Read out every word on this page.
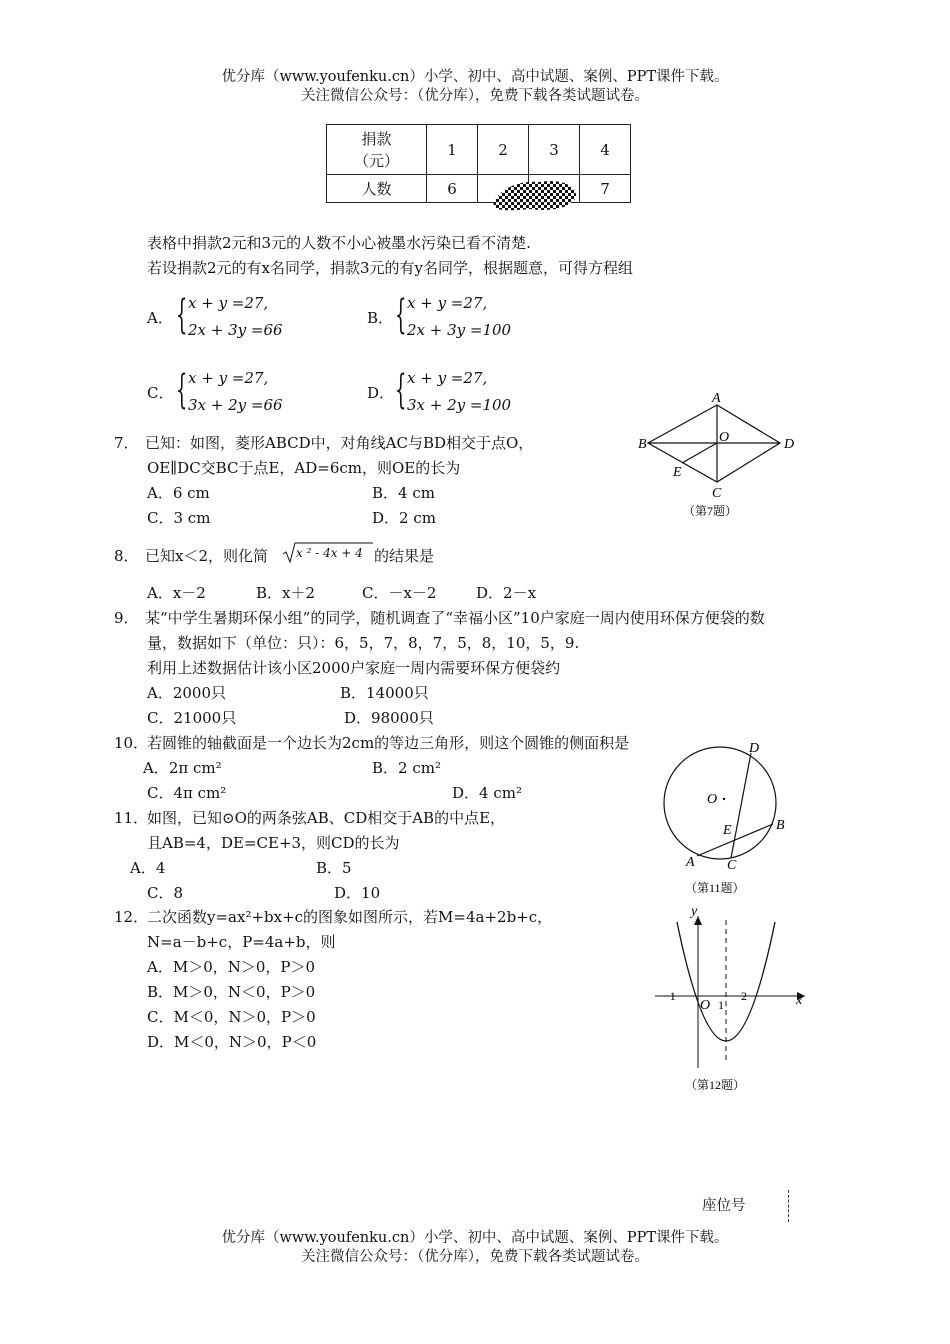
优分库（www.youfenku.cn）小学、初中、高中试题、案例、PPT课件下载。
关注微信公众号：（优分库），免费下载各类试题试卷。
捐款
（元）	1	2	3	4
人数	6			7
表格中捐款2元和3元的人数不小心被墨水污染已看不清楚.
若设捐款2元的有x名同学，捐款3元的有y名同学，根据题意，可得方程组
A． { x + y =27,
2x + 3y =66
B． { x + y =27,
2x + 3y =100
C． { x + y =27,
3x + 2y =66
D． { x + y =27,
3x + 2y =100
7． 已知：如图，菱形ABCD中，对角线AC与BD相交于点O，
OE∥DC交BC于点E，AD=6cm，则OE的长为
A．6 cm	B．4 cm
C．3 cm	D．2 cm
A
B
C
D
O
E
（第7题）
8． 已知x＜2，则化简 x ² - 4x + 4 的结果是
A．x－2	B．x＋2	C．－x－2	D．2－x
9． 某“中学生暑期环保小组”的同学，随机调查了“幸福小区”10户家庭一周内使用环保方便袋的数
量，数据如下（单位：只）：6，5，7，8，7，5，8，10，5，9.
利用上述数据估计该小区2000户家庭一周内需要环保方便袋约
A．2000只	B．14000只
C．21000只	D．98000只
10．
若圆锥的轴截面是一个边长为2cm的等边三角形，则这个圆锥的侧面积是
A．2π cm²	B．2 cm²
C．4π cm²	D．4 cm²
11．
如图，已知⊙O的两条弦AB、CD相交于AB的中点E，
且AB=4，DE=CE+3，则CD的长为
A．4	B．5
C．8	D．10
O
D
E	B
A C
（第11题）
12．
二次函数y=ax²+bx+c的图象如图所示，若M=4a+2b+c，
N=a－b+c，P=4a+b，则
A．M＞0，N＞0，P＞0
B．M＞0，N＜0，P＞0
C．M＜0，N＞0，P＞0
D．M＜0，N＞0，P＜0
y
x
O
−1
1
2
（第12题）
座位号
优分库（www.youfenku.cn）小学、初中、高中试题、案例、PPT课件下载。
关注微信公众号：（优分库），免费下载各类试题试卷。
